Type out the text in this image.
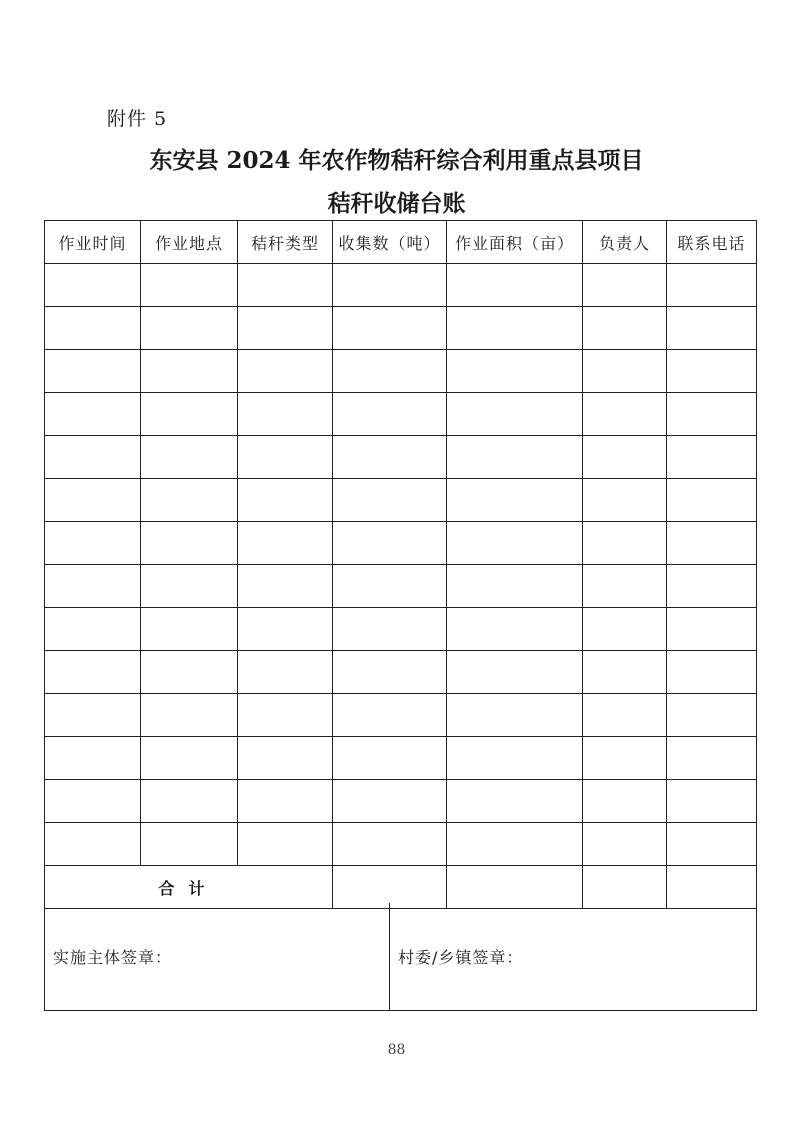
附件 5
东安县 2024 年农作物秸秆综合利用重点县项目
秸秆收储台账
作业时间	作业地点	秸秆类型	收集数（吨）	作业面积（亩）	负责人	联系电话

合计						
实施主体签章：	村委/乡镇签章：
88
